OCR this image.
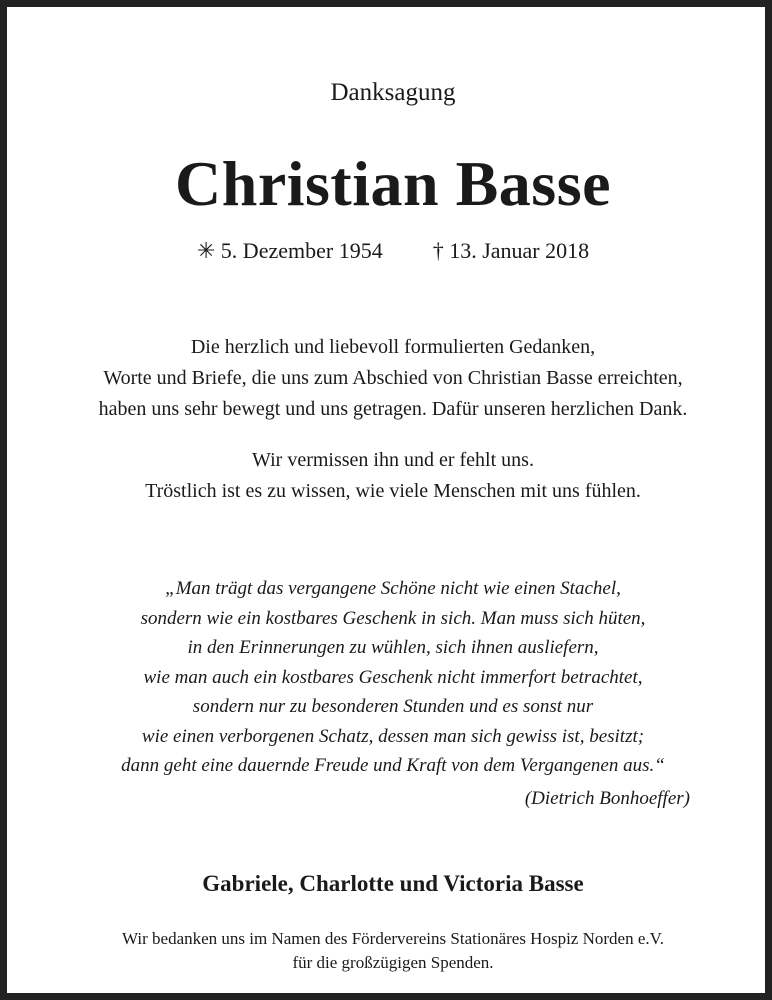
Danksagung
Christian Basse
✳ 5. Dezember 1954 † 13. Januar 2018
Die herzlich und liebevoll formulierten Gedanken,
Worte und Briefe, die uns zum Abschied von Christian Basse erreichten,
haben uns sehr bewegt und uns getragen. Dafür unseren herzlichen Dank.
Wir vermissen ihn und er fehlt uns.
Tröstlich ist es zu wissen, wie viele Menschen mit uns fühlen.
„Man trägt das vergangene Schöne nicht wie einen Stachel,
sondern wie ein kostbares Geschenk in sich. Man muss sich hüten,
in den Erinnerungen zu wühlen, sich ihnen ausliefern,
wie man auch ein kostbares Geschenk nicht immerfort betrachtet,
sondern nur zu besonderen Stunden und es sonst nur
wie einen verborgenen Schatz, dessen man sich gewiss ist, besitzt;
dann geht eine dauernde Freude und Kraft von dem Vergangenen aus.“
(Dietrich Bonhoeffer)
Gabriele, Charlotte und Victoria Basse
Wir bedanken uns im Namen des Fördervereins Stationäres Hospiz Norden e.V.
für die großzügigen Spenden.
